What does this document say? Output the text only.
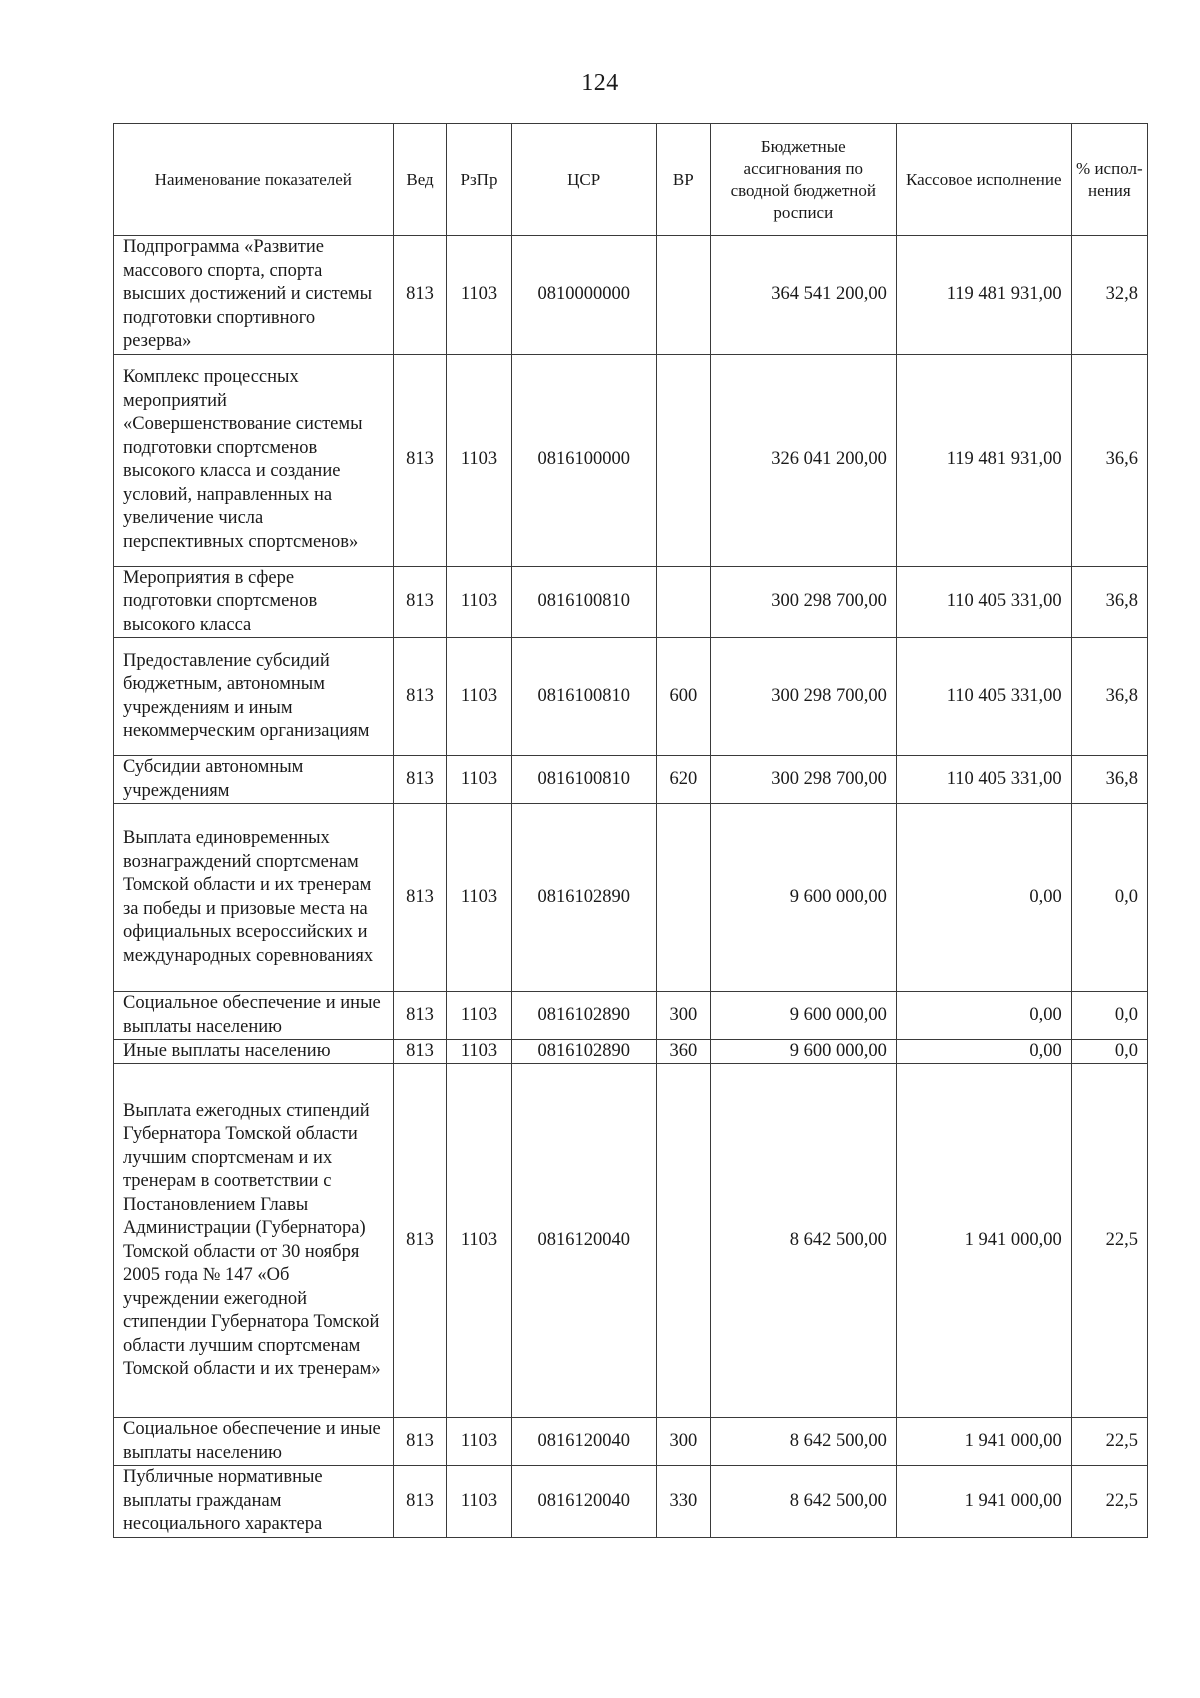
124
Наименование показателей	Вед	РзПр	ЦСР	ВР	Бюджетные ассигнования по сводной бюджетной росписи	Кассовое исполнение	% испол-нения
Подпрограмма «Развитие массового спорта, спорта высших достижений и системы подготовки спортивного резерва»	813	1103	0810000000		364 541 200,00	119 481 931,00	32,8
Комплекс процессных мероприятий «Совершенствование системы подготовки спортсменов высокого класса и создание условий, направленных на увеличение числа перспективных спортсменов»	813	1103	0816100000		326 041 200,00	119 481 931,00	36,6
Мероприятия в сфере подготовки спортсменов высокого класса	813	1103	0816100810		300 298 700,00	110 405 331,00	36,8
Предоставление субсидий бюджетным, автономным учреждениям и иным некоммерческим организациям	813	1103	0816100810	600	300 298 700,00	110 405 331,00	36,8
Субсидии автономным учреждениям	813	1103	0816100810	620	300 298 700,00	110 405 331,00	36,8
Выплата единовременных вознаграждений спортсменам Томской области и их тренерам за победы и призовые места на официальных всероссийских и международных соревнованиях	813	1103	0816102890		9 600 000,00	0,00	0,0
Социальное обеспечение и иные выплаты населению	813	1103	0816102890	300	9 600 000,00	0,00	0,0
Иные выплаты населению	813	1103	0816102890	360	9 600 000,00	0,00	0,0
Выплата ежегодных стипендий Губернатора Томской области лучшим спортсменам и их тренерам в соответствии с Постановлением Главы Администрации (Губернатора) Томской области от 30 ноября 2005 года № 147 «Об учреждении ежегодной стипендии Губернатора Томской области лучшим спортсменам Томской области и их тренерам»	813	1103	0816120040		8 642 500,00	1 941 000,00	22,5
Социальное обеспечение и иные выплаты населению	813	1103	0816120040	300	8 642 500,00	1 941 000,00	22,5
Публичные нормативные выплаты гражданам несоциального характера	813	1103	0816120040	330	8 642 500,00	1 941 000,00	22,5
